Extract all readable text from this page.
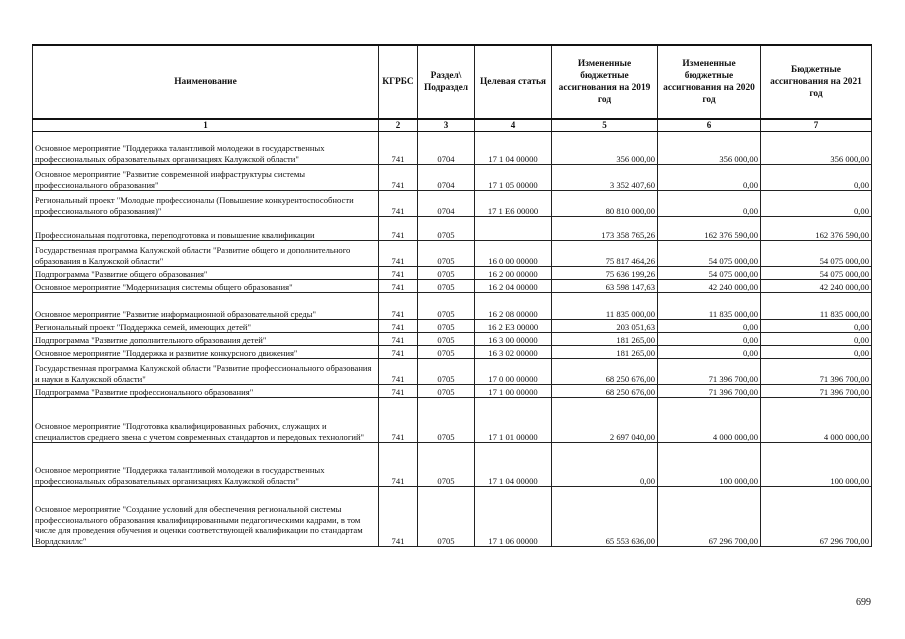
Наименование	КГРБС	Раздел\ Подраздел	Целевая статья	Измененные бюджетные ассигнования на 2019 год	Измененные бюджетные ассигнования на 2020 год	Бюджетные ассигнования на 2021 год
1	2	3	4	5	6	7
Основное мероприятие "Поддержка талантливой молодежи в государственных профессиональных образовательных организациях Калужской области"	741	0704	17 1 04 00000	356 000,00	356 000,00	356 000,00
Основное мероприятие "Развитие современной инфраструктуры системы профессионального образования"	741	0704	17 1 05 00000	3 352 407,60	0,00	0,00
Региональный проект "Молодые профессионалы (Повышение конкурентоспособности профессионального образования)"	741	0704	17 1 Е6 00000	80 810 000,00	0,00	0,00
Профессиональная подготовка, переподготовка и повышение квалификации	741	0705		173 358 765,26	162 376 590,00	162 376 590,00
Государственная программа Калужской области "Развитие общего и дополнительного образования в Калужской области"	741	0705	16 0 00 00000	75 817 464,26	54 075 000,00	54 075 000,00
Подпрограмма "Развитие общего образования"	741	0705	16 2 00 00000	75 636 199,26	54 075 000,00	54 075 000,00
Основное мероприятие "Модернизация системы общего образования"	741	0705	16 2 04 00000	63 598 147,63	42 240 000,00	42 240 000,00
Основное мероприятие "Развитие информационной образовательной среды"	741	0705	16 2 08 00000	11 835 000,00	11 835 000,00	11 835 000,00
Региональный проект "Поддержка семей, имеющих детей"	741	0705	16 2 Е3 00000	203 051,63	0,00	0,00
Подпрограмма "Развитие дополнительного образования детей"	741	0705	16 3 00 00000	181 265,00	0,00	0,00
Основное мероприятие "Поддержка и развитие конкурсного движения"	741	0705	16 3 02 00000	181 265,00	0,00	0,00
Государственная программа Калужской области "Развитие профессионального образования и науки в Калужской области"	741	0705	17 0 00 00000	68 250 676,00	71 396 700,00	71 396 700,00
Подпрограмма "Развитие профессионального образования"	741	0705	17 1 00 00000	68 250 676,00	71 396 700,00	71 396 700,00
Основное мероприятие "Подготовка квалифицированных рабочих, служащих и специалистов среднего звена с учетом современных стандартов и передовых технологий"	741	0705	17 1 01 00000	2 697 040,00	4 000 000,00	4 000 000,00
Основное мероприятие "Поддержка талантливой молодежи в государственных профессиональных образовательных организациях Калужской области"	741	0705	17 1 04 00000	0,00	100 000,00	100 000,00
Основное мероприятие "Создание условий для обеспечения региональной системы профессионального образования квалифицированными педагогическими кадрами, в том числе для проведения обучения и оценки соответствующей квалификации по стандартам Ворлдскиллс"	741	0705	17 1 06 00000	65 553 636,00	67 296 700,00	67 296 700,00
699
